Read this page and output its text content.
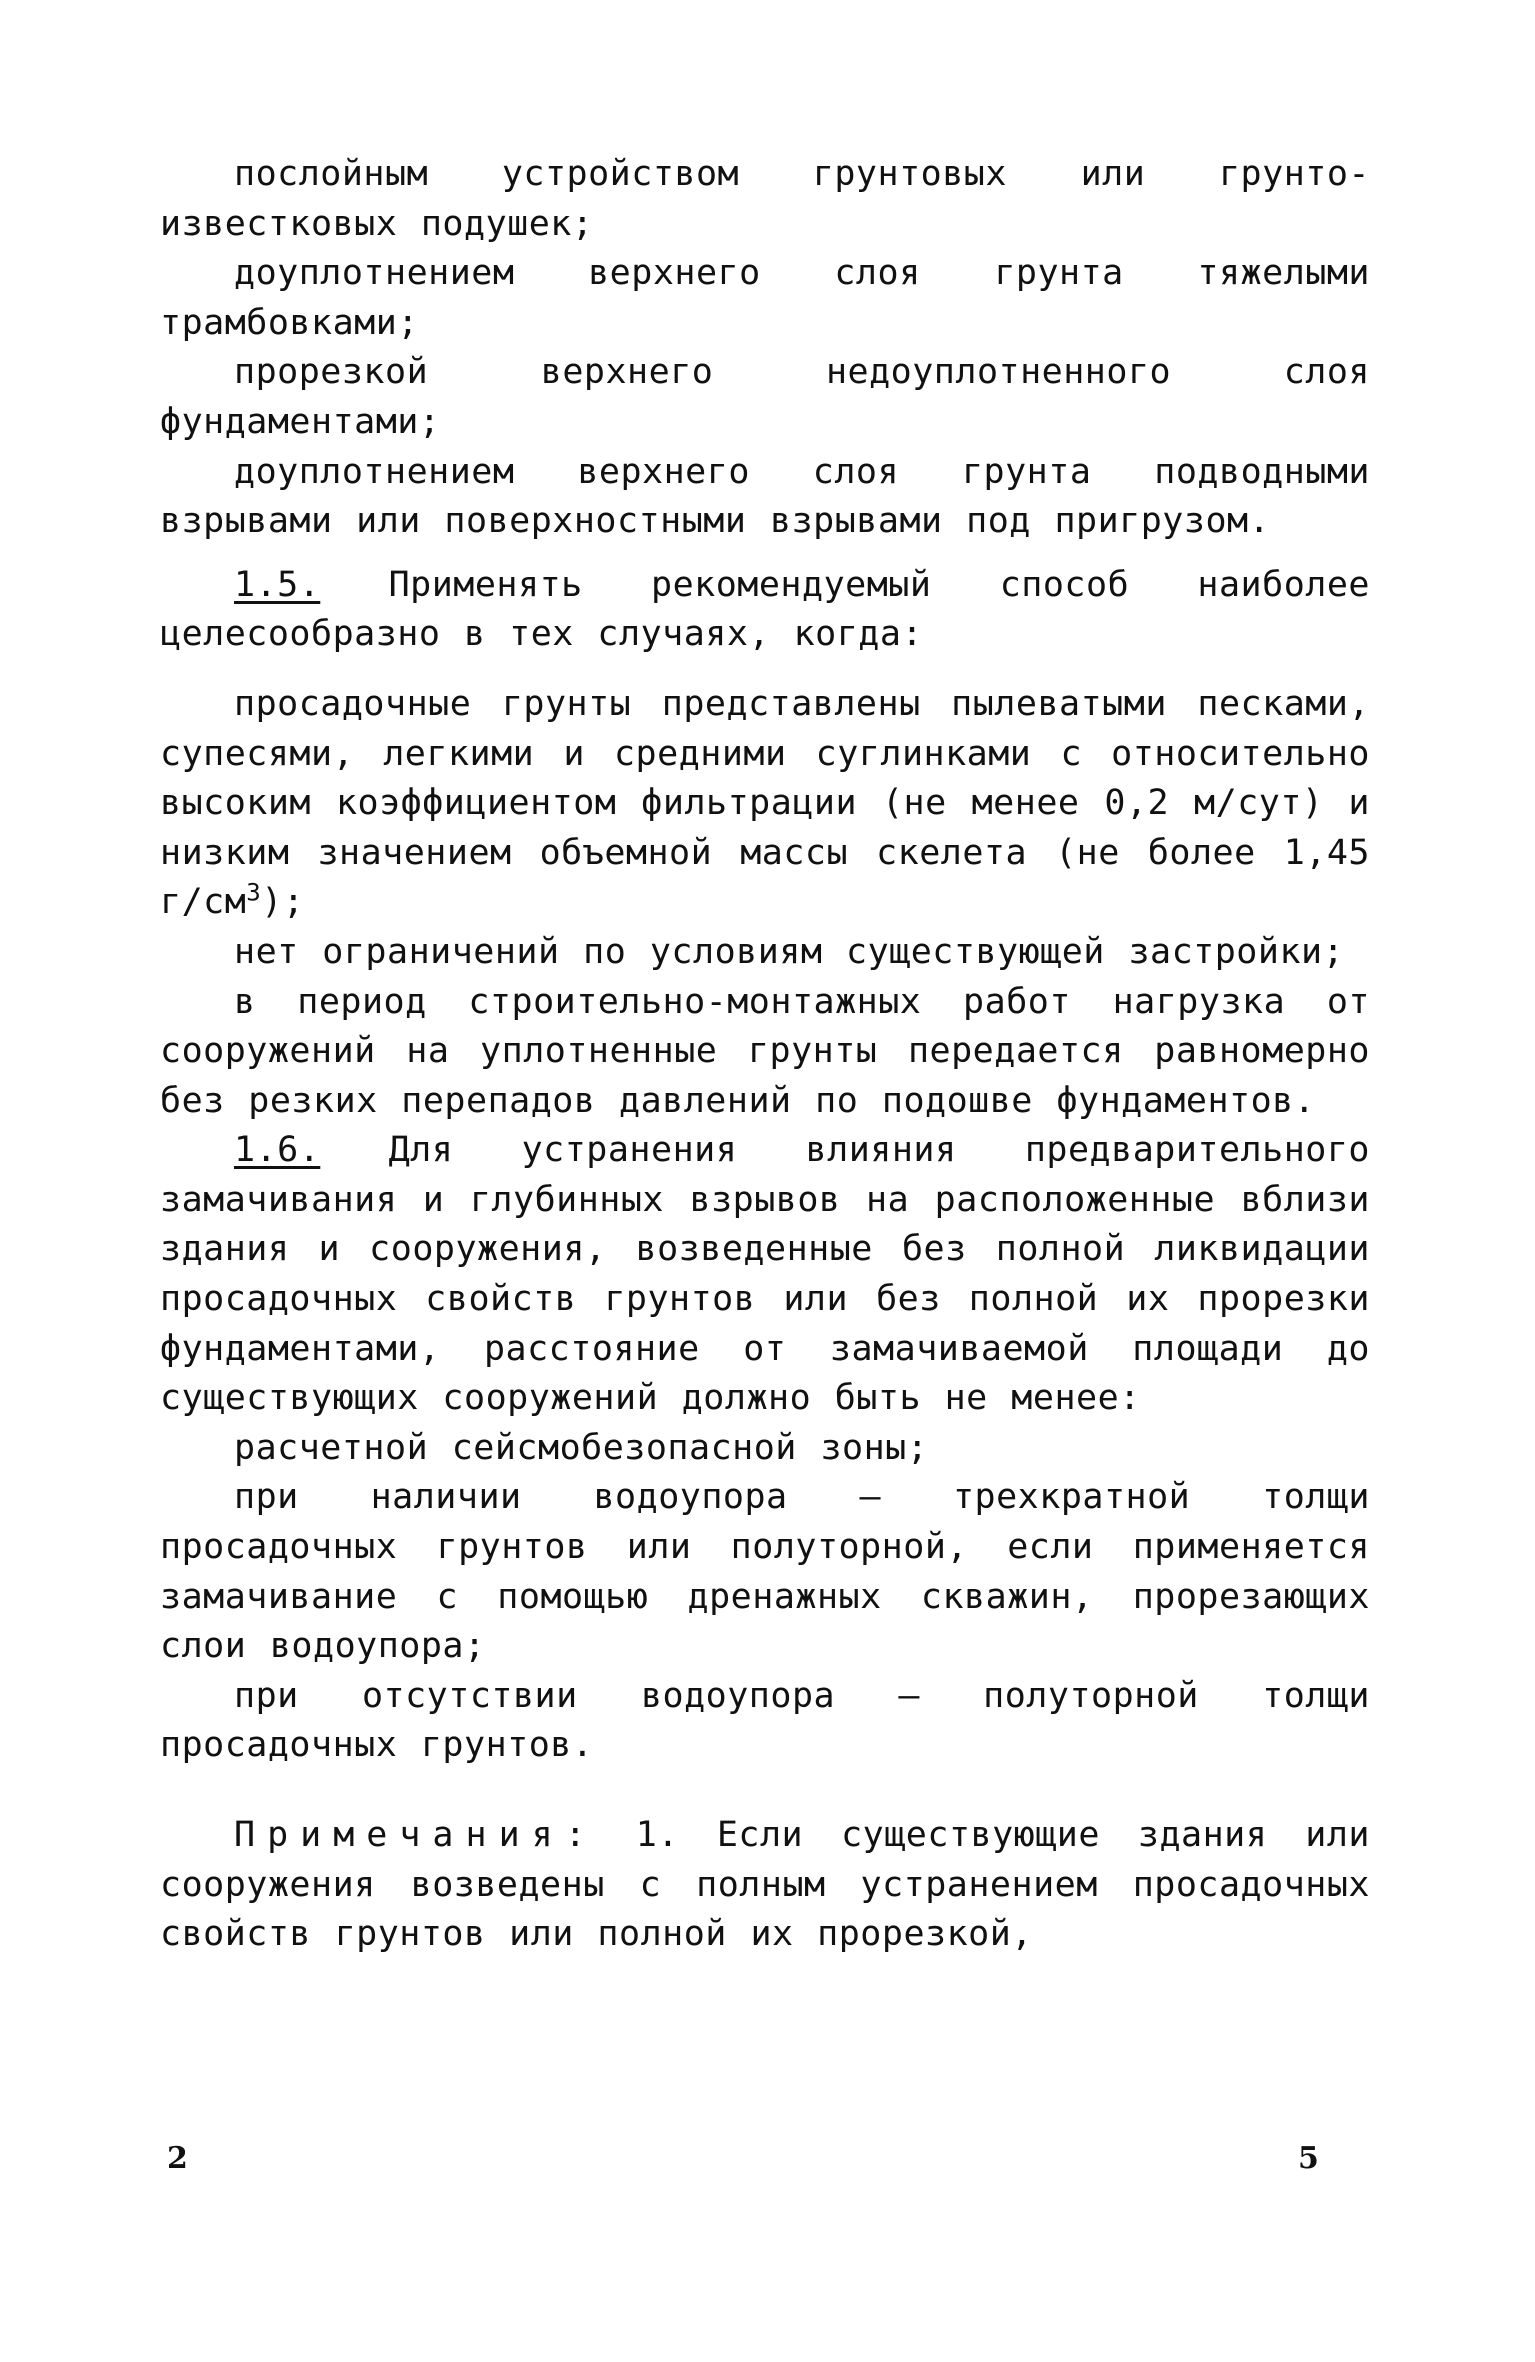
послойным устройством грунтовых или грунто-известковых подушек;

доуплотнением верхнего слоя грунта тяжелыми трамбовками;

прорезкой верхнего недоуплотненного слоя фундаментами;

доуплотнением верхнего слоя грунта подводными взрывами или поверхностными взрывами под пригрузом.

1.5. Применять рекомендуемый способ наиболее целесообразно в тех случаях, когда:

просадочные грунты представлены пылеватыми песками, супесями, легкими и средними суглинками с относительно высоким коэффициентом фильтрации (не менее 0,2 м/сут) и низким значением объемной массы скелета (не более 1,45 $г/см^3$);

нет ограничений по условиям существующей застройки;

в период строительно-монтажных работ нагрузка от сооружений на уплотненные грунты передается равномерно без резких перепадов давлений по подошве фундаментов.

1.6. Для устранения влияния предварительного замачивания и глубинных взрывов на расположенные вблизи здания и сооружения, возведенные без полной ликвидации просадочных свойств грунтов или без полной их прорезки фундаментами, расстояние от замачиваемой площади до существующих сооружений должно быть не менее:

расчетной сейсмобезопасной зоны;

при наличии водоупора – трехкратной толщи просадочных грунтов или полуторной, если применяется замачивание с помощью дренажных скважин, прорезающих слои водоупора;

при отсутствии водоупора – полуторной толщи просадочных грунтов.

Примечания: 1. Если существующие здания или сооружения возведены с полным устранением просадочных свойств грунтов или полной их прорезкой,

2	5
